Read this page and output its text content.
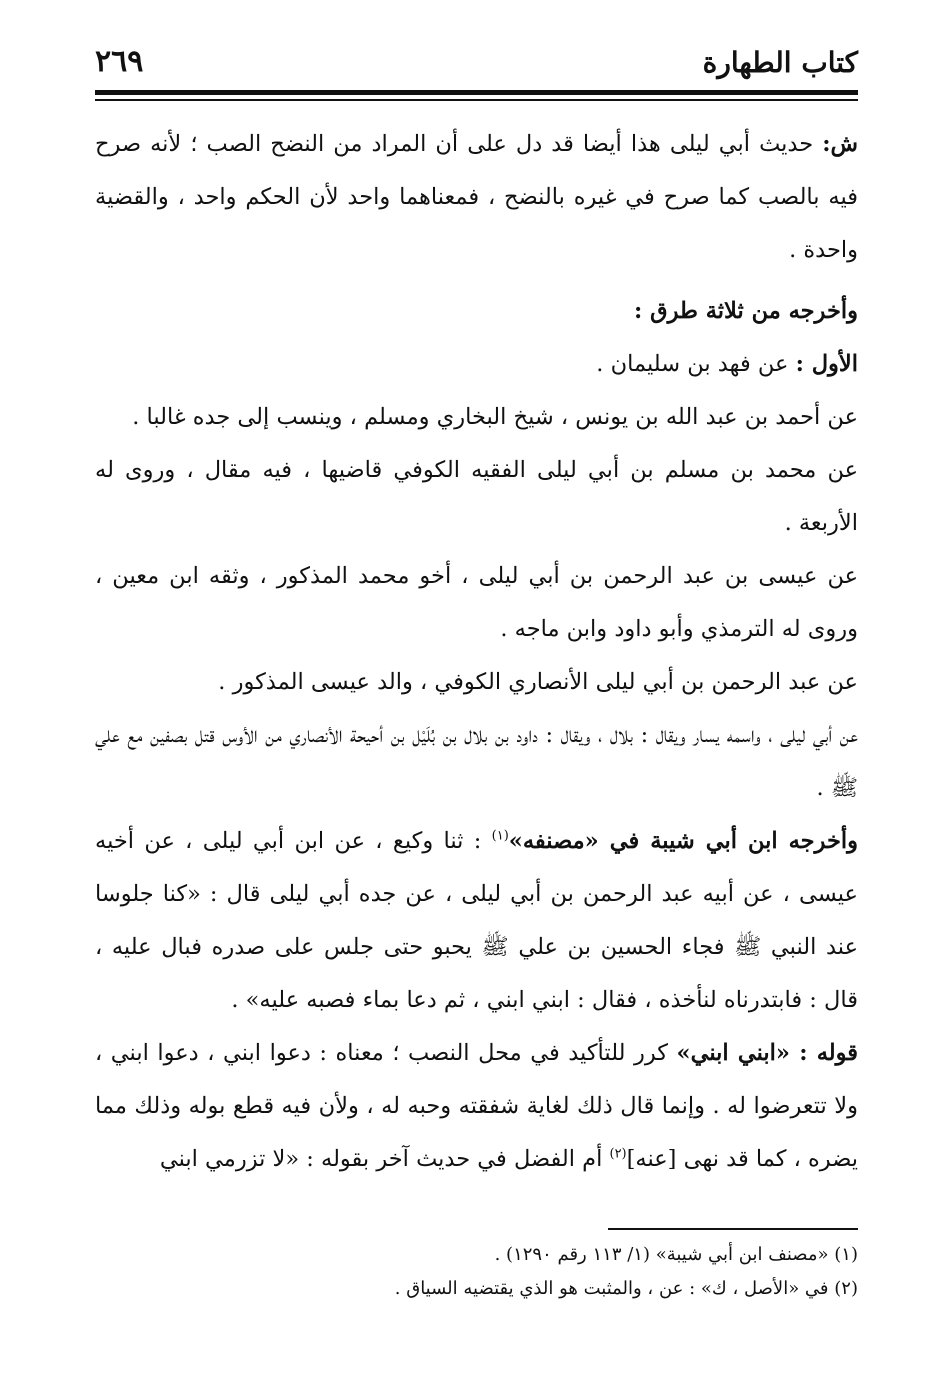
٢٦٩	كتاب الطهارة

ش: حديث أبي ليلى هذا أيضا قد دل على أن المراد من النضح الصب ؛ لأنه صرح فيه بالصب كما صرح في غيره بالنضح ، فمعناهما واحد لأن الحكم واحد ، والقضية واحدة .

وأخرجه من ثلاثة طرق :

الأول : عن فهد بن سليمان .

عن أحمد بن عبد الله بن يونس ، شيخ البخاري ومسلم ، وينسب إلى جده غالبا .

عن محمد بن مسلم بن أبي ليلى الفقيه الكوفي قاضيها ، فيه مقال ، وروى له الأربعة .

عن عيسى بن عبد الرحمن بن أبي ليلى ، أخو محمد المذكور ، وثقه ابن معين ، وروى له الترمذي وأبو داود وابن ماجه .

عن عبد الرحمن بن أبي ليلى الأنصاري الكوفي ، والد عيسى المذكور .

عن أبي ليلى ، واسمه يسار ويقال : بلال ، ويقال : داود بن بلال بن بُلَيْل بن أحيحة الأنصاري من الأوس قتل بصفين مع علي ﷺ .

وأخرجه ابن أبي شيبة في «مصنفه»$^{(١)}$ : ثنا وكيع ، عن ابن أبي ليلى ، عن أخيه عيسى ، عن أبيه عبد الرحمن بن أبي ليلى ، عن جده أبي ليلى قال : «كنا جلوسا عند النبي ﷺ فجاء الحسين بن علي ﷺ يحبو حتى جلس على صدره فبال عليه ، قال : فابتدرناه لنأخذه ، فقال : ابني ابني ، ثم دعا بماء فصبه عليه» .

قوله : «ابني ابني» كرر للتأكيد في محل النصب ؛ معناه : دعوا ابني ، دعوا ابني ، ولا تتعرضوا له . وإنما قال ذلك لغاية شفقته وحبه له ، ولأن فيه قطع بوله وذلك مما يضره ، كما قد نهى [عنه]$^{(٢)}$ أم الفضل في حديث آخر بقوله : «لا تزرمي ابني

(١) «مصنف ابن أبي شيبة» (١/ ١١٣ رقم ١٢٩٠) .

(٢) في «الأصل ، ك» : عن ، والمثبت هو الذي يقتضيه السياق .
